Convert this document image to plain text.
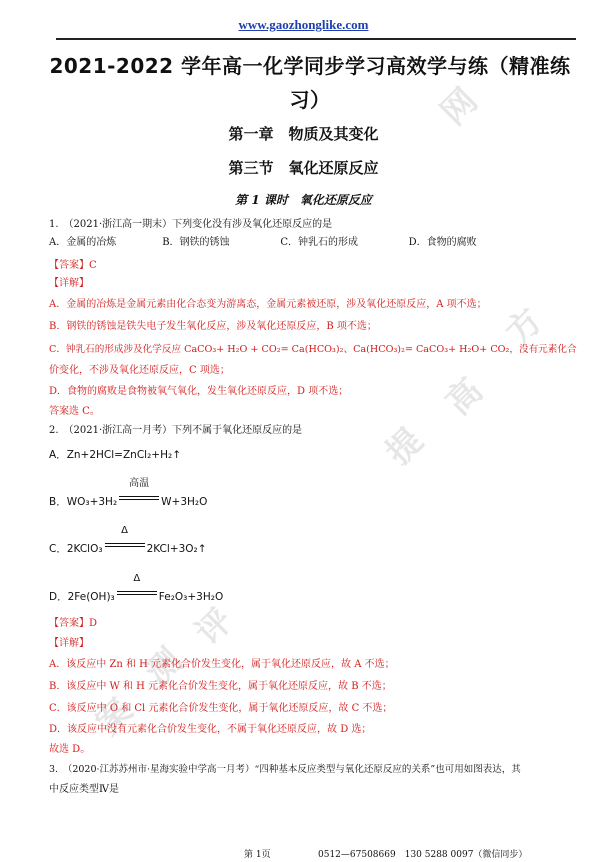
网
方
高
提
评
测
案
www.gaozhonglike.com
2021-2022 学年高一化学同步学习高效学与练（精准练
习）
第一章　物质及其变化
第三节　氧化还原反应
第 1 课时　氧化还原反应
1.　（2021·浙江高一期末）下列变化没有涉及氧化还原反应的是
A．金属的冶炼	B．钢铁的锈蚀	C．钟乳石的形成	D．食物的腐败
【答案】C
【详解】
A．金属的冶炼是金属元素由化合态变为游离态，金属元素被还原，涉及氧化还原反应，A 项不选；
B．钢铁的锈蚀是铁失电子发生氧化反应，涉及氧化还原反应，B 项不选；
C．钟乳石的形成涉及化学反应 CaCO₃+ H₂O + CO₂= Ca(HCO₃)₂、Ca(HCO₃)₂= CaCO₃+ H₂O+ CO₂，没有元素化合
价变化，不涉及氧化还原反应，C 项选；
D．食物的腐败是食物被氧气氧化，发生氧化还原反应，D 项不选；
答案选 C。
2.　（2021·浙江高一月考）下列不属于氧化还原反应的是
A．Zn+2HCl=ZnCl₂+H₂↑
B．WO₃+3H₂
高温
W+3H₂O
C．2KClO₃
Δ
2KCl+3O₂↑
D．2Fe(OH)₃
Δ
Fe₂O₃+3H₂O
【答案】D
【详解】
A．该反应中 Zn 和 H 元素化合价发生变化，属于氧化还原反应，故 A 不选；
B．该反应中 W 和 H 元素化合价发生变化，属于氧化还原反应，故 B 不选；
C．该反应中 O 和 Cl 元素化合价发生变化，属于氧化还原反应，故 C 不选；
D．该反应中没有元素化合价发生变化，不属于氧化还原反应，故 D 选；
故选 D。
3.　（2020·江苏苏州市·星海实验中学高一月考）“四种基本反应类型与氧化还原反应的关系”也可用如图表达，其
中反应类型Ⅳ是
第 1页	0512—67508669　130 5288 0097（微信同步）
